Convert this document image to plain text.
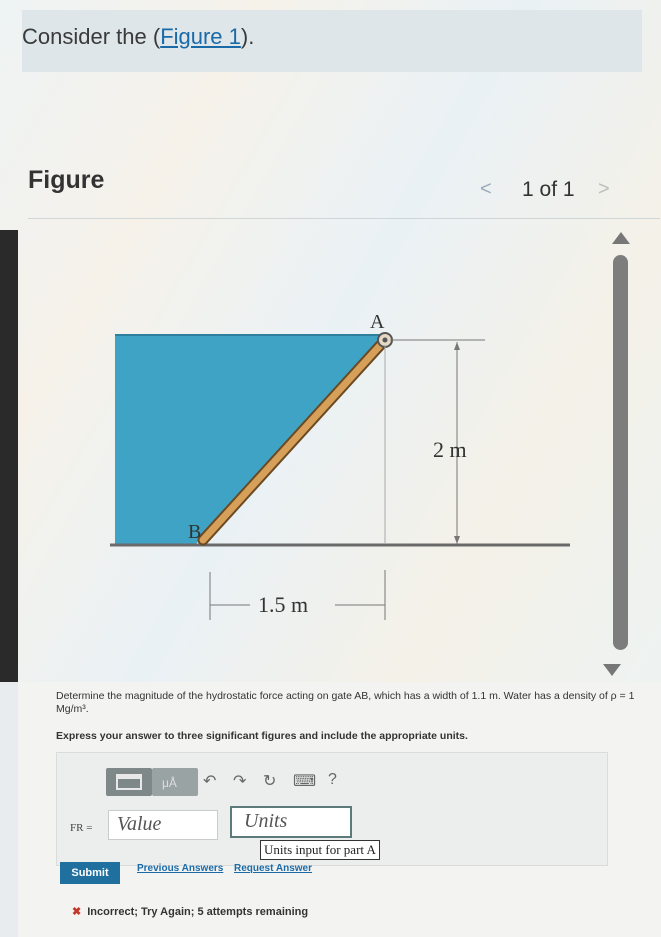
Consider the (Figure 1).
Figure	< 1 of 1 >
A
B
2 m
1.5 m
Determine the magnitude of the hydrostatic force acting on gate AB, which has a width of 1.1 m. Water has a density of ρ = 1 Mg/m³.
Express your answer to three significant figures and include the appropriate units.
μÅ ↶ ↷ ↻ ⌨ ?
FR =	Value	Units
Units input for part A
Submit	Previous Answers Request Answer
✖ Incorrect; Try Again; 5 attempts remaining
